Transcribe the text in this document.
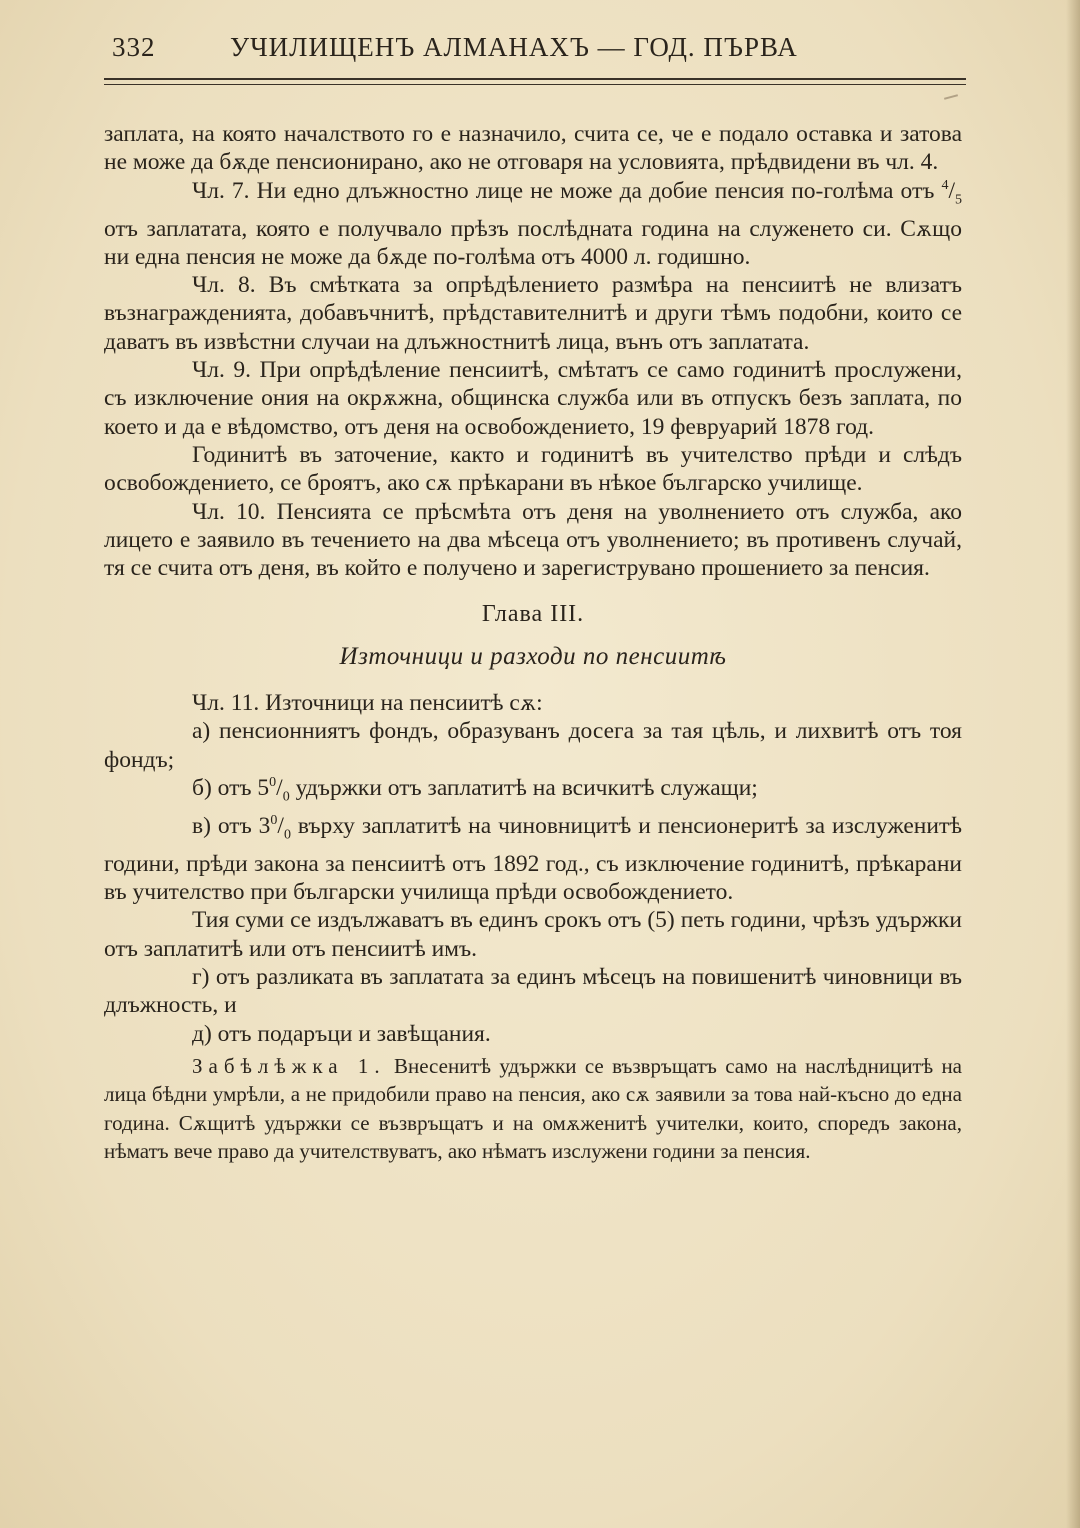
332	УЧИЛИЩЕНЪ АЛМАНАХЪ — ГОД. ПЪРВА

заплата, на която началството го е назначило, счита се, че е подало оставка и затова не може да бѫде пенсионирано, ако не отговаря на условията, прѣдвидени въ чл. 4.

Чл. 7. Ни едно длъжностно лице не може да добие пенсия по-голѣма отъ $^4/_5$ отъ заплатата, която е получвало прѣзъ послѣдната година на служенето си. Сѫщо ни една пенсия не може да бѫде по-голѣма отъ 4000 л. годишно.

Чл. 8. Въ смѣтката за опрѣдѣлението размѣра на пенсиитѣ не влизатъ възнагражденията, добавъчнитѣ, прѣдставителнитѣ и други тѣмъ подобни, които се даватъ въ извѣстни случаи на длъжностнитѣ лица, вънъ отъ заплатата.

Чл. 9. При опрѣдѣление пенсиитѣ, смѣтатъ се само годинитѣ прослужени, съ изключение ония на окрѫжна, общинска служба или въ отпускъ безъ заплата, по което и да е вѣдомство, отъ деня на освобождението, 19 февруарий 1878 год.

Годинитѣ въ заточение, както и годинитѣ въ учителство прѣди и слѣдъ освобождението, се броятъ, ако сѫ прѣкарани въ нѣкое българско училище.

Чл. 10. Пенсията се прѣсмѣта отъ деня на уволнението отъ служба, ако лицето е заявило въ течението на два мѣсеца отъ уволнението; въ противенъ случай, тя се счита отъ деня, въ който е получено и зарегиструвано прошението за пенсия.

Глава III.

Източници и разходи по пенсиитѣ

Чл. 11. Източници на пенсиитѣ сѫ:

а) пенсионниятъ фондъ, образуванъ досега за тая цѣль, и лихвитѣ отъ тоя фондъ;

б) отъ $5^0/_0$ удържки отъ заплатитѣ на всичкитѣ служащи;

в) отъ $3^0/_0$ върху заплатитѣ на чиновницитѣ и пенсионеритѣ за изслуженитѣ години, прѣди закона за пенсиитѣ отъ 1892 год., съ изключение годинитѣ, прѣкарани въ учителство при български училища прѣди освобождението.

Тия суми се издължаватъ въ единъ срокъ отъ (5) петь години, чрѣзъ удържки отъ заплатитѣ или отъ пенсиитѣ имъ.

г) отъ разликата въ заплатата за единъ мѣсецъ на повишенитѣ чиновници въ длъжность, и

д) отъ подаръци и завѣщания.

Забѣлѣжка 1. Внесенитѣ удържки се възвръщатъ само на наслѣдницитѣ на лица бѣдни умрѣли, а не придобили право на пенсия, ако сѫ заявили за това най-късно до една година. Сѫщитѣ удържки се възвръщатъ и на омѫженитѣ учителки, които, споредъ закона, нѣматъ вече право да учителствуватъ, ако нѣматъ изслужени години за пенсия.
